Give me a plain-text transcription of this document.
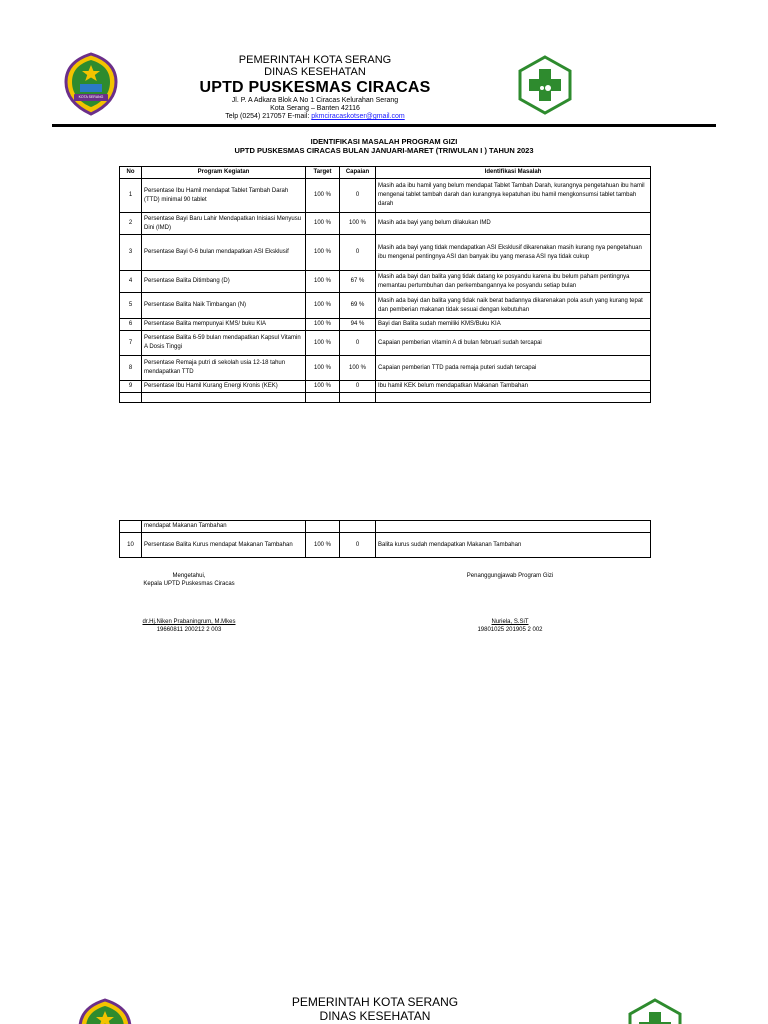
KOTA SERANG
PEMERINTAH KOTA SERANG
DINAS KESEHATAN
UPTD PUSKESMAS CIRACAS
Jl. P. A Adkara Blok A No 1 Ciracas Kelurahan Serang
Kota Serang – Banten 42116
Telp (0254) 217057 E-mail: pkmciracaskotser@gmail.com
IDENTIFIKASI MASALAH PROGRAM GIZI
UPTD PUSKESMAS CIRACAS BULAN JANUARI-MARET (TRIWULAN I ) TAHUN 2023
No	Program Kegiatan	Target	Capaian	Identifikasi Masalah
1	Persentase Ibu Hamil mendapat Tablet Tambah Darah (TTD) minimal 90 tablet	100 %	0	Masih ada ibu hamil yang belum mendapat Tablet Tambah Darah, kurangnya pengetahuan ibu hamil mengenai tablet tambah darah dan kurangnya kepatuhan ibu hamil mengkonsumsi tablet tambah darah
2	Persentase Bayi Baru Lahir Mendapatkan Inisiasi Menyusu Dini (IMD)	100 %	100 %	Masih ada bayi yang belum dilakukan IMD
3	Persentase Bayi 0-6 bulan mendapatkan ASI Eksklusif	100 %	0	Masih ada bayi yang tidak mendapatkan ASI Eksklusif dikarenakan masih kurang nya pengetahuan ibu mengenal pentingnya ASI dan banyak ibu yang merasa ASI nya tidak cukup
4	Persentase Balita Ditimbang (D)	100 %	67 %	Masih ada bayi dan balita yang tidak datang ke posyandu karena ibu belum paham pentingnya memantau pertumbuhan dan perkembangannya ke posyandu setiap bulan
5	Persentase Balita Naik Timbangan (N)	100 %	69 %	Masih ada bayi dan balita yang tidak naik berat badannya dikarenakan pola asuh yang kurang tepat dan pemberian makanan tidak sesuai dengan kebutuhan
6	Persentase Balita mempunyai KMS/ buku KIA	100 %	94 %	Bayi dan Balita sudah memiliki KMS/Buku KIA
7	Persentase Balita 6-59 bulan mendapatkan Kapsul Vitamin A Dosis Tinggi	100 %	0	Capaian pemberian vitamin A di bulan februari sudah tercapai
8	Persentase Remaja putri di sekolah usia 12-18 tahun mendapatkan TTD	100 %	100 %	Capaian pemberian TTD pada remaja puteri sudah tercapai
9	Persentase Ibu Hamil Kurang Energi Kronis (KEK)	100 %	0	Ibu hamil KEK belum mendapatkan Makanan Tambahan

	mendapat Makanan Tambahan			
10	Persentase Balita Kurus mendapat Makanan Tambahan	100 %	0	Balita kurus sudah mendapatkan Makanan Tambahan
Mengetahui,
Kepala UPTD Puskesmas Ciracas
dr.Hj.Niken Prabaningrum, M.Mkes
19660811 200212 2 003
Penanggungjawab Program Gizi
Nuriela, S.SiT
19801025 201905 2 002
PEMERINTAH KOTA SERANG
DINAS KESEHATAN
